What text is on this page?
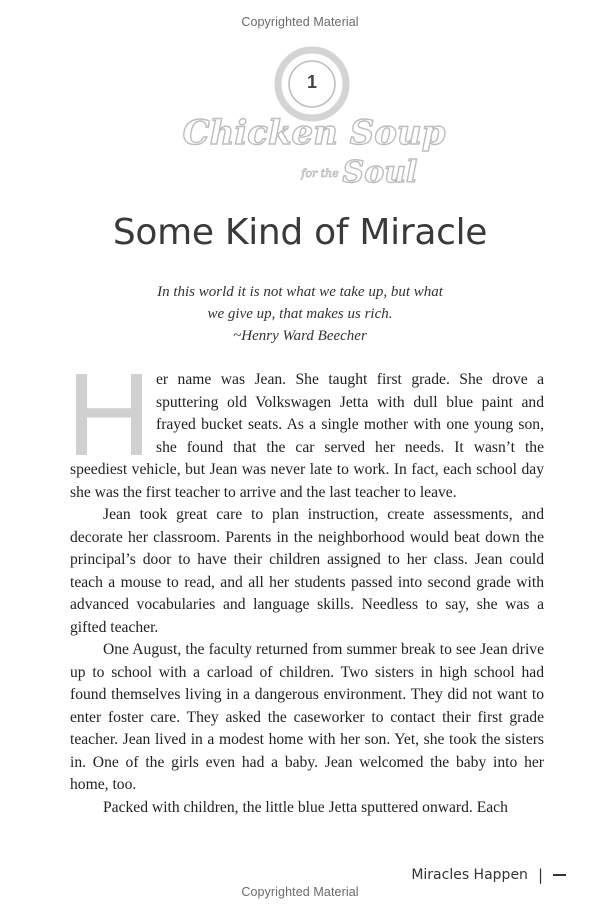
Copyrighted Material
Chicken Soup
for the Soul
1
Some Kind of Miracle
In this world it is not what we take up, but what
we give up, that makes us rich.
~Henry Ward Beecher
H er name was Jean. She taught first grade. She drove a sputtering old Volkswagen Jetta with dull blue paint and frayed bucket seats. As a single mother with one young son, she found that the car served her needs. It wasn’t the speediest vehicle, but Jean was never late to work. In fact, each school day she was the first teacher to arrive and the last teacher to leave.

Jean took great care to plan instruction, create assessments, and decorate her classroom. Parents in the neighborhood would beat down the principal’s door to have their children assigned to her class. Jean could teach a mouse to read, and all her students passed into second grade with advanced vocabularies and language skills. Needless to say, she was a gifted teacher.

One August, the faculty returned from summer break to see Jean drive up to school with a carload of children. Two sisters in high school had found themselves living in a dangerous environment. They did not want to enter foster care. They asked the caseworker to contact their first grade teacher. Jean lived in a modest home with her son. Yet, she took the sisters in. One of the girls even had a baby. Jean welcomed the baby into her home, too.

Packed with children, the little blue Jetta sputtered onward. Each

Miracles Happen |
Copyrighted Material
